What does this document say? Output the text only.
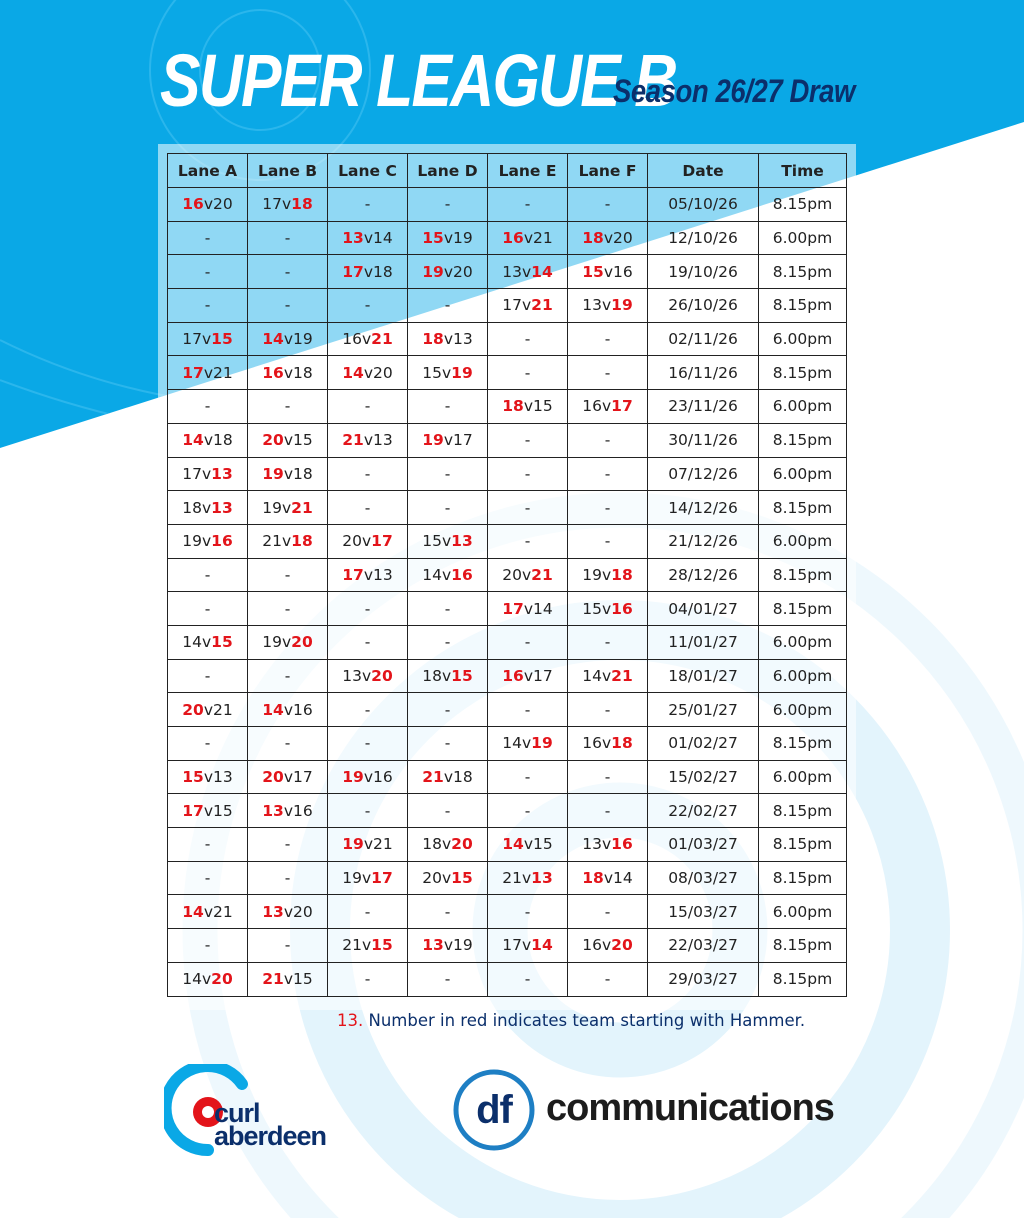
SUPER LEAGUE B
Season 26/27 Draw
Lane A	Lane B	Lane C	Lane D	Lane E	Lane F	Date	Time
16v20	17v18	-	-	-	-	05/10/26	8.15pm
-	-	13v14	15v19	16v21	18v20	12/10/26	6.00pm
-	-	17v18	19v20	13v14	15v16	19/10/26	8.15pm
-	-	-	-	17v21	13v19	26/10/26	8.15pm
17v15	14v19	16v21	18v13	-	-	02/11/26	6.00pm
17v21	16v18	14v20	15v19	-	-	16/11/26	8.15pm
-	-	-	-	18v15	16v17	23/11/26	6.00pm
14v18	20v15	21v13	19v17	-	-	30/11/26	8.15pm
17v13	19v18	-	-	-	-	07/12/26	6.00pm
18v13	19v21	-	-	-	-	14/12/26	8.15pm
19v16	21v18	20v17	15v13	-	-	21/12/26	6.00pm
-	-	17v13	14v16	20v21	19v18	28/12/26	8.15pm
-	-	-	-	17v14	15v16	04/01/27	8.15pm
14v15	19v20	-	-	-	-	11/01/27	6.00pm
-	-	13v20	18v15	16v17	14v21	18/01/27	6.00pm
20v21	14v16	-	-	-	-	25/01/27	6.00pm
-	-	-	-	14v19	16v18	01/02/27	8.15pm
15v13	20v17	19v16	21v18	-	-	15/02/27	6.00pm
17v15	13v16	-	-	-	-	22/02/27	8.15pm
-	-	19v21	18v20	14v15	13v16	01/03/27	8.15pm
-	-	19v17	20v15	21v13	18v14	08/03/27	8.15pm
14v21	13v20	-	-	-	-	15/03/27	6.00pm
-	-	21v15	13v19	17v14	16v20	22/03/27	8.15pm
14v20	21v15	-	-	-	-	29/03/27	8.15pm
13. Number in red indicates team starting with Hammer.
curl
aberdeen
df communications
